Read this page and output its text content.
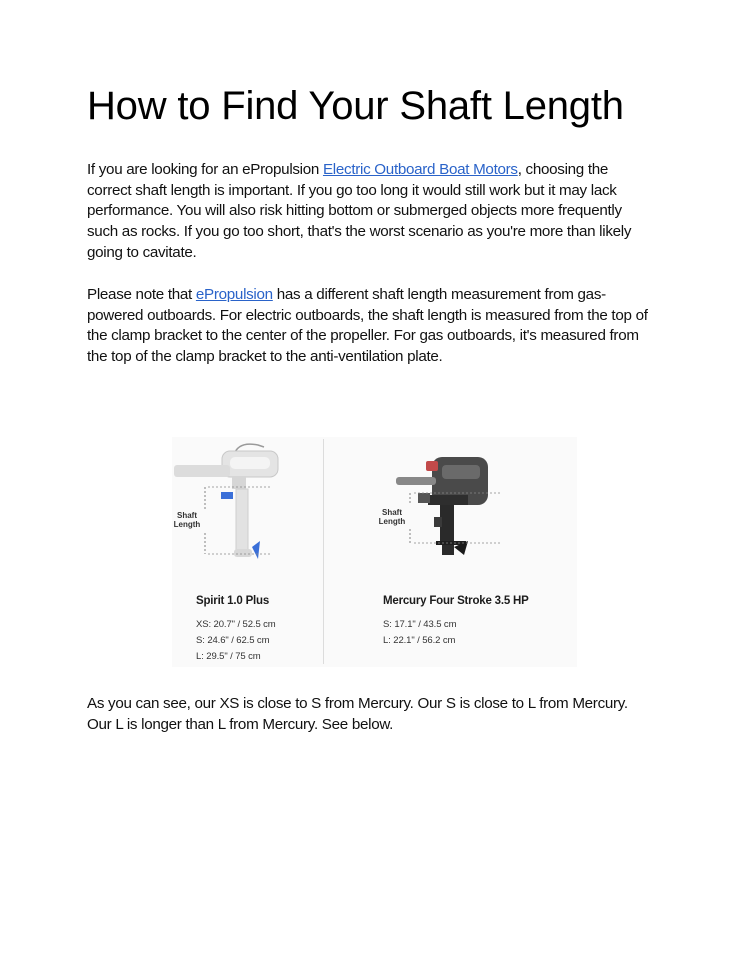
How to Find Your Shaft Length

If you are looking for an ePropulsion Electric Outboard Boat Motors, choosing the correct shaft length is important. If you go too long it would still work but it may lack performance. You will also risk hitting bottom or submerged objects more frequently such as rocks. If you go too short, that's the worst scenario as you're more than likely going to cavitate.

Please note that ePropulsion has a different shaft length measurement from gas-powered outboards. For electric outboards, the shaft length is measured from the top of the clamp bracket to the center of the propeller. For gas outboards, it's measured from the top of the clamp bracket to the anti-ventilation plate.

Shaft
Length
Shaft
Length
Spirit 1.0 Plus
XS: 20.7" / 52.5 cm
S: 24.6" / 62.5 cm
L: 29.5" / 75 cm
Mercury Four Stroke 3.5 HP
S: 17.1" / 43.5 cm
L: 22.1" / 56.2 cm

As you can see, our XS is close to S from Mercury. Our S is close to L from Mercury. Our L is longer than L from Mercury. See below.
